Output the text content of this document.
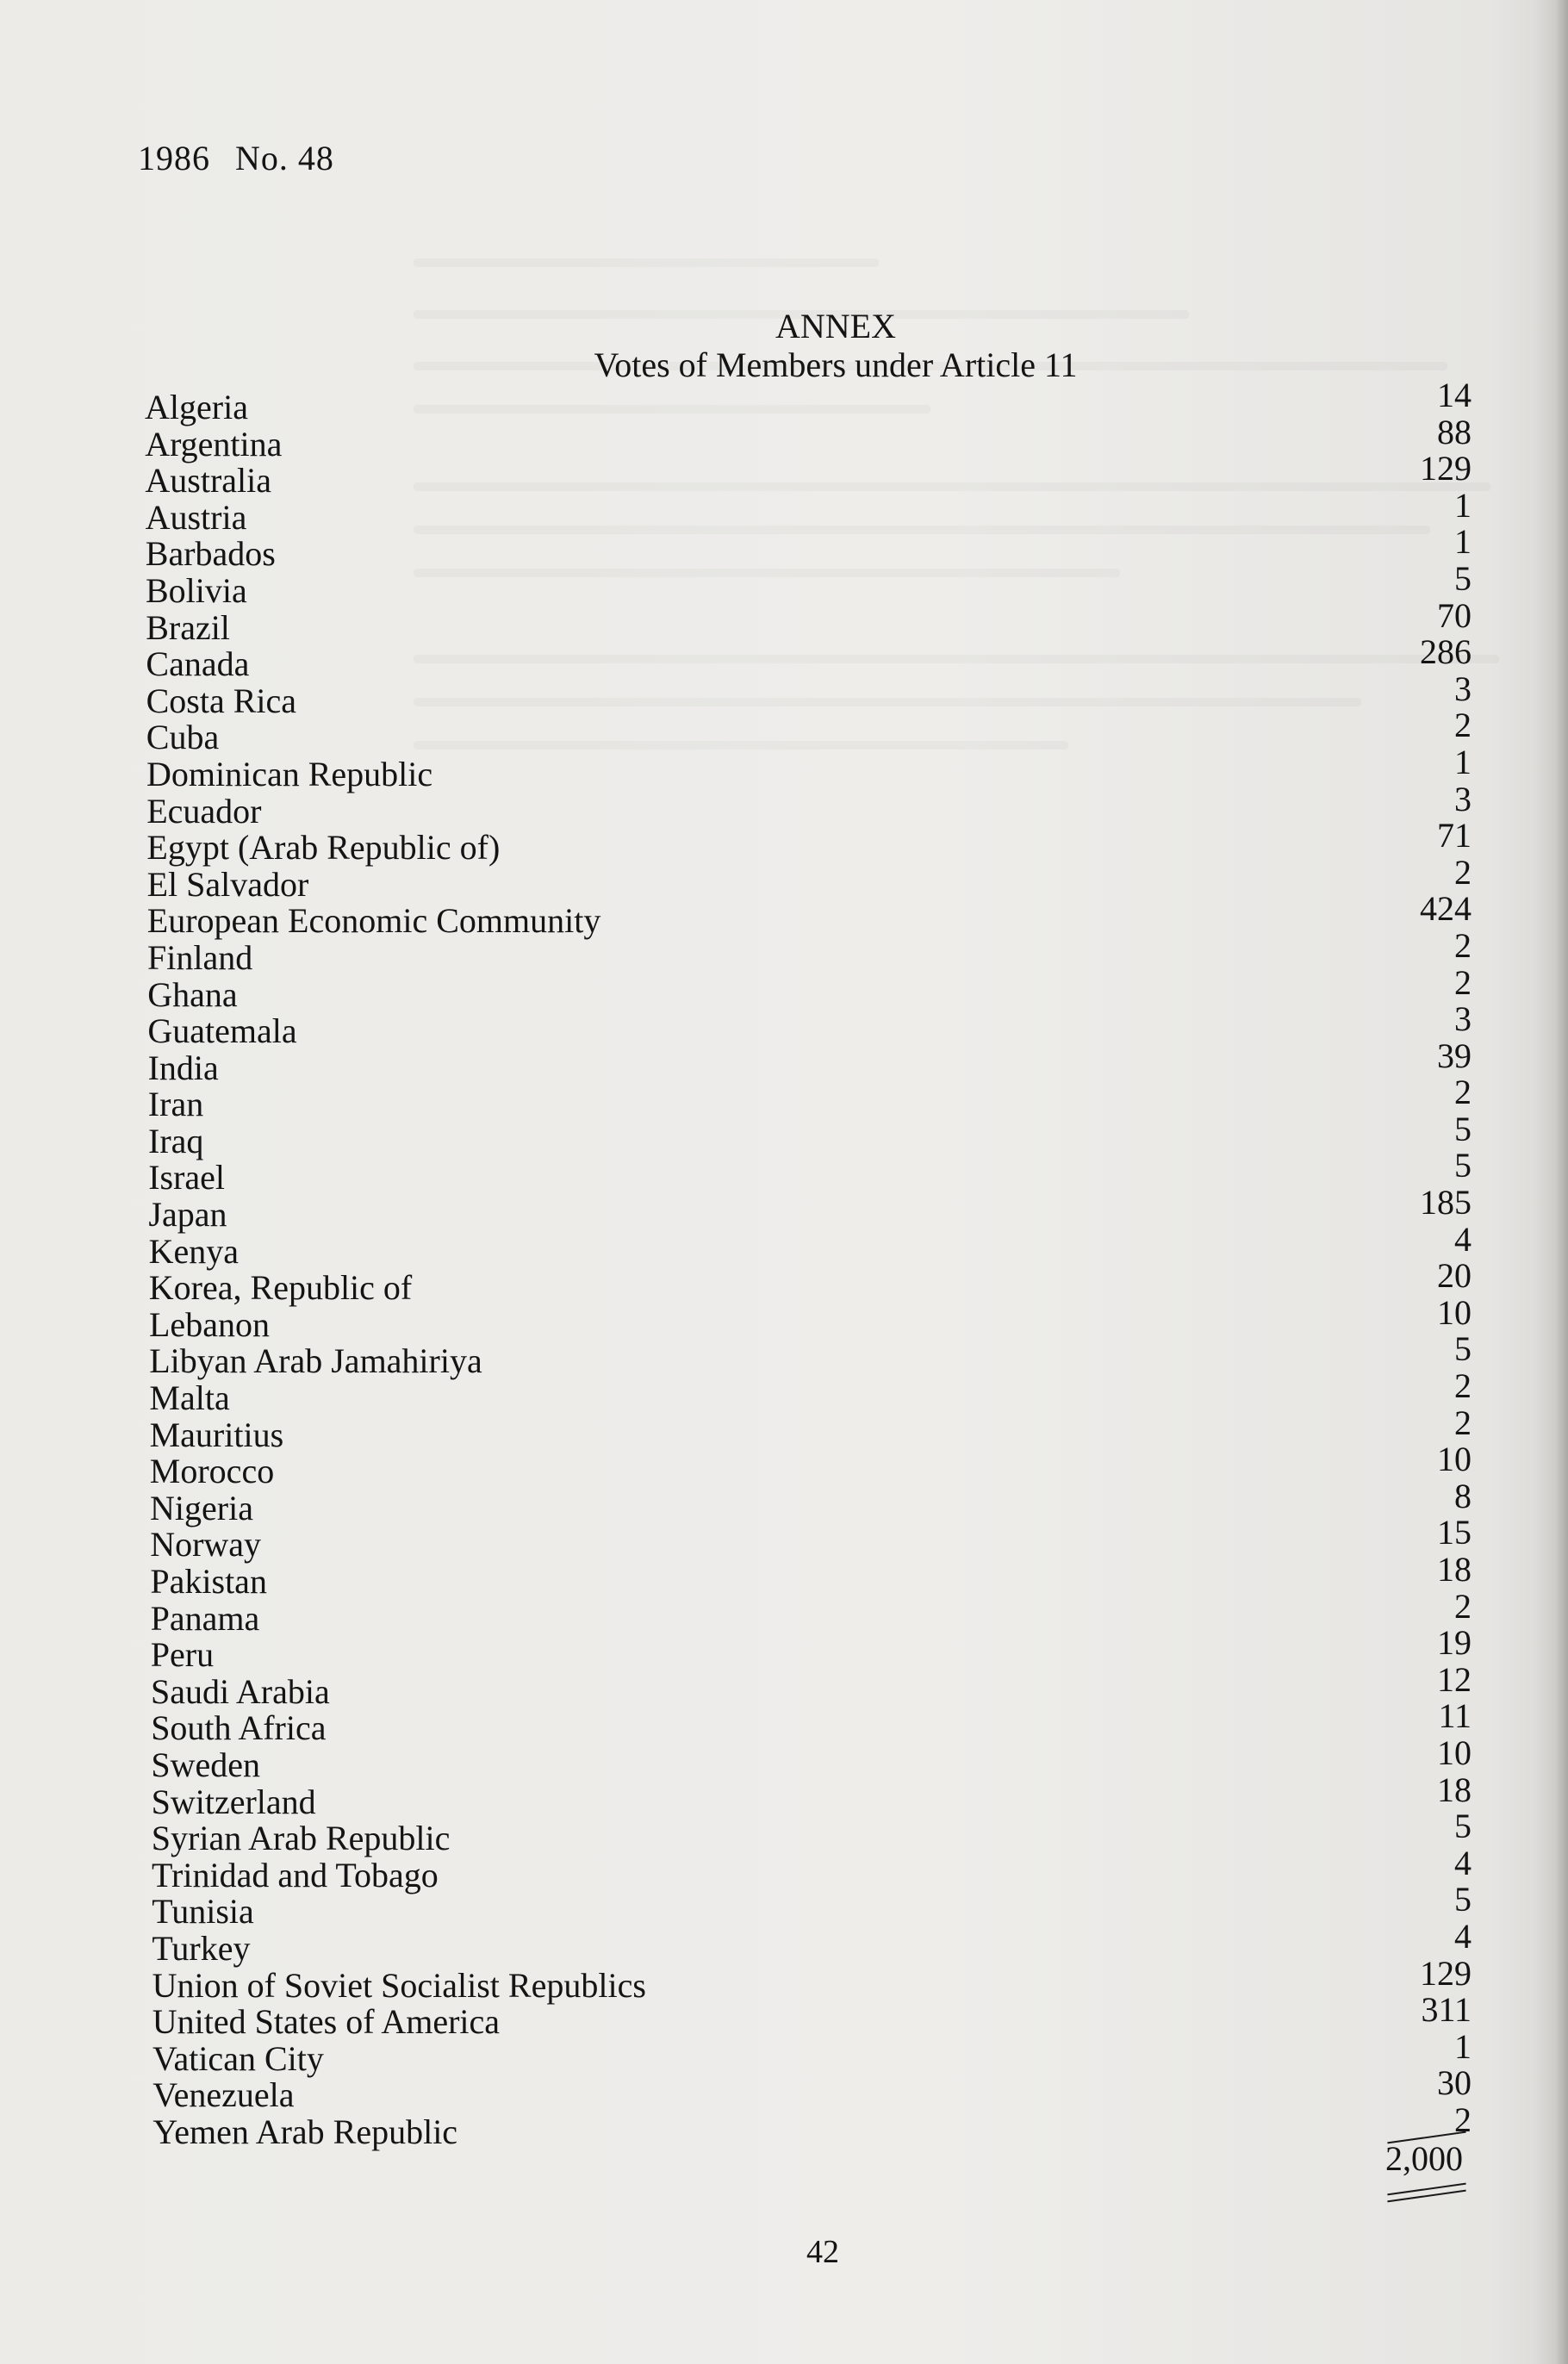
1986 No. 48
ANNEX
Votes of Members under Article 11
Algeria	14
Argentina	88
Australia	129
Austria	1
Barbados	1
Bolivia	5
Brazil	70
Canada	286
Costa Rica	3
Cuba	2
Dominican Republic	1
Ecuador	3
Egypt (Arab Republic of)	71
El Salvador	2
European Economic Community	424
Finland	2
Ghana	2
Guatemala	3
India	39
Iran	2
Iraq	5
Israel	5
Japan	185
Kenya	4
Korea, Republic of	20
Lebanon	10
Libyan Arab Jamahiriya	5
Malta	2
Mauritius	2
Morocco	10
Nigeria	8
Norway	15
Pakistan	18
Panama	2
Peru	19
Saudi Arabia	12
South Africa	11
Sweden	10
Switzerland	18
Syrian Arab Republic	5
Trinidad and Tobago	4
Tunisia	5
Turkey	4
Union of Soviet Socialist Republics	129
United States of America	311
Vatican City	1
Venezuela	30
Yemen Arab Republic	2
2,000
42
